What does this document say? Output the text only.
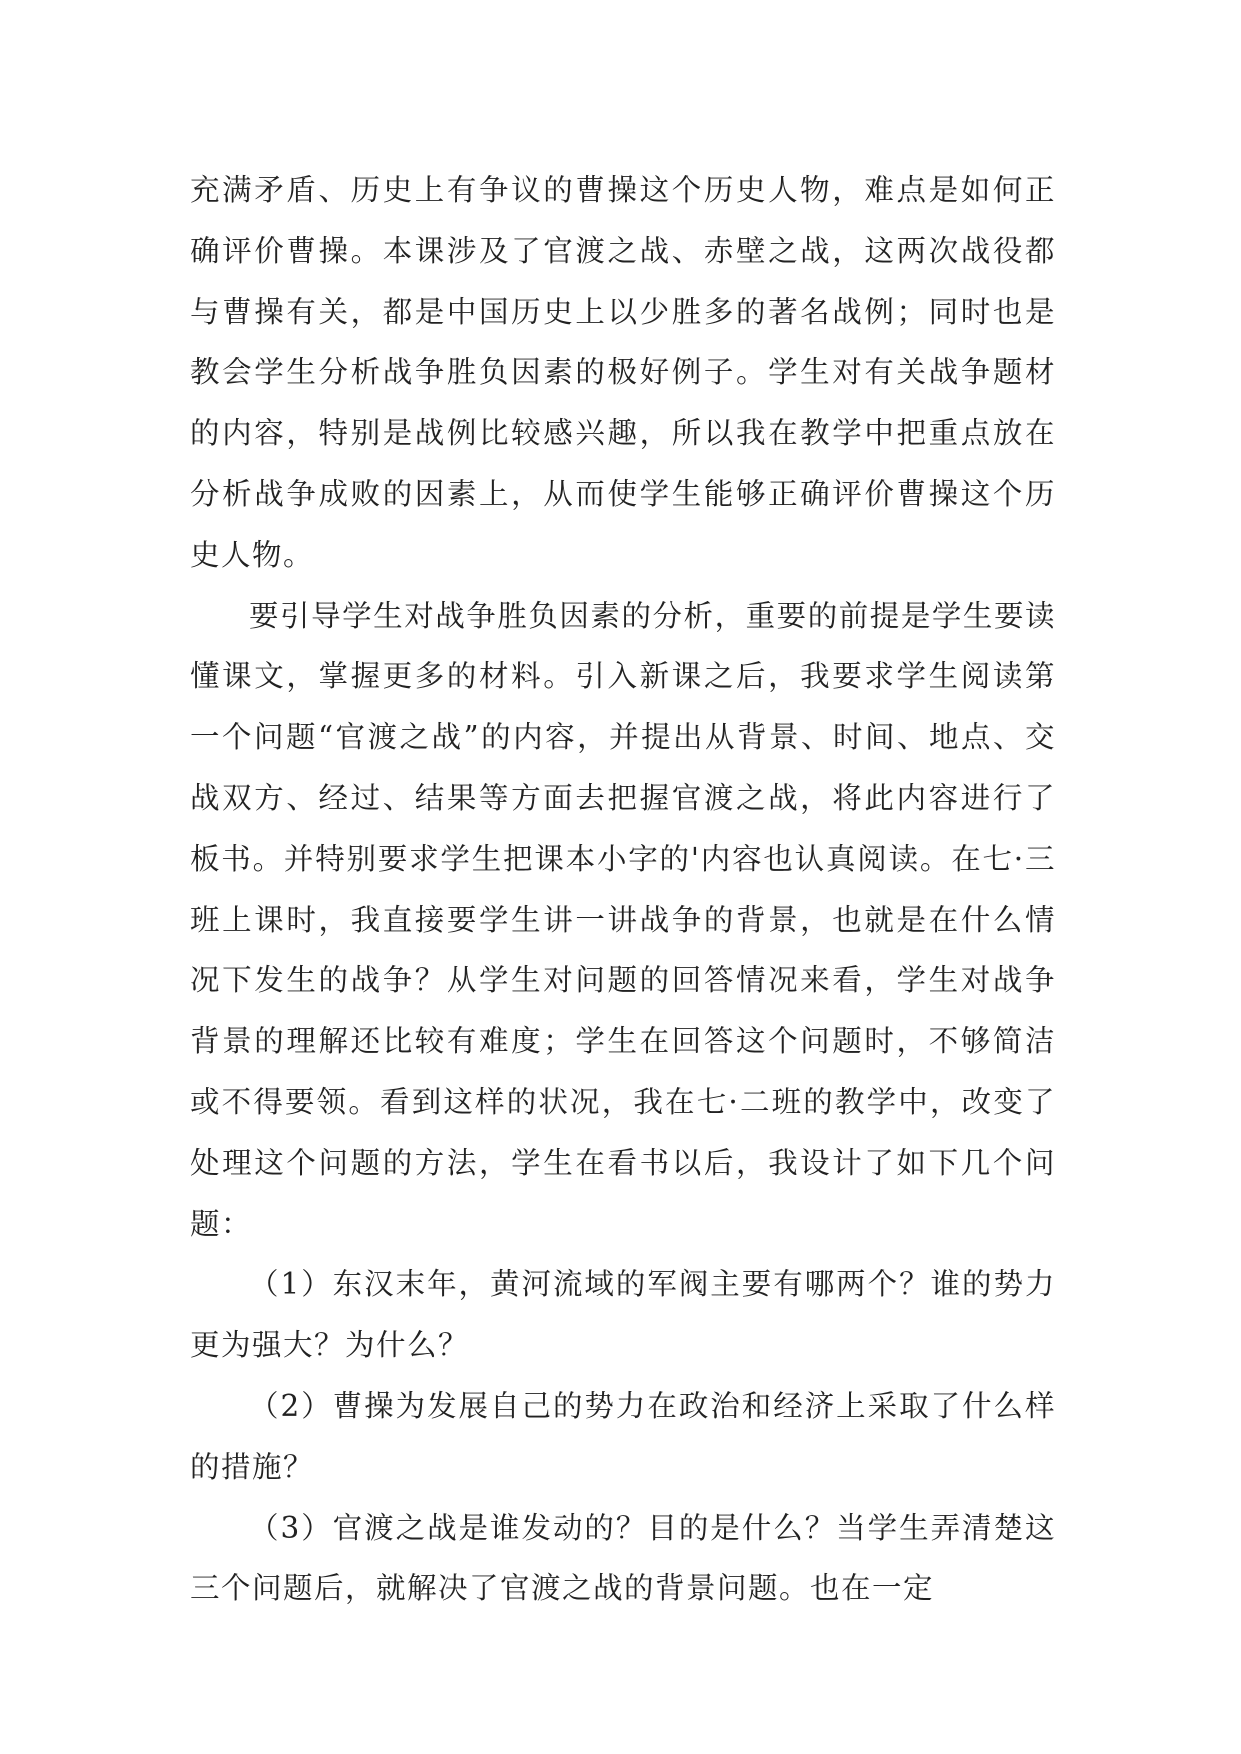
充满矛盾、历史上有争议的曹操这个历史人物，难点是如何正确评价曹操。本课涉及了官渡之战、赤壁之战，这两次战役都与曹操有关，都是中国历史上以少胜多的著名战例；同时也是教会学生分析战争胜负因素的极好例子。学生对有关战争题材的内容，特别是战例比较感兴趣，所以我在教学中把重点放在分析战争成败的因素上，从而使学生能够正确评价曹操这个历史人物。

要引导学生对战争胜负因素的分析，重要的前提是学生要读懂课文，掌握更多的材料。引入新课之后，我要求学生阅读第一个问题“官渡之战”的内容，并提出从背景、时间、地点、交战双方、经过、结果等方面去把握官渡之战，将此内容进行了板书。并特别要求学生把课本小字的'内容也认真阅读。在七·三班上课时，我直接要学生讲一讲战争的背景，也就是在什么情况下发生的战争？从学生对问题的回答情况来看，学生对战争背景的理解还比较有难度；学生在回答这个问题时，不够简洁或不得要领。看到这样的状况，我在七·二班的教学中，改变了处理这个问题的方法，学生在看书以后，我设计了如下几个问题：

（1）东汉末年，黄河流域的军阀主要有哪两个？谁的势力更为强大？为什么？

（2）曹操为发展自己的势力在政治和经济上采取了什么样的措施？

（3）官渡之战是谁发动的？目的是什么？当学生弄清楚这三个问题后，就解决了官渡之战的背景问题。也在一定
